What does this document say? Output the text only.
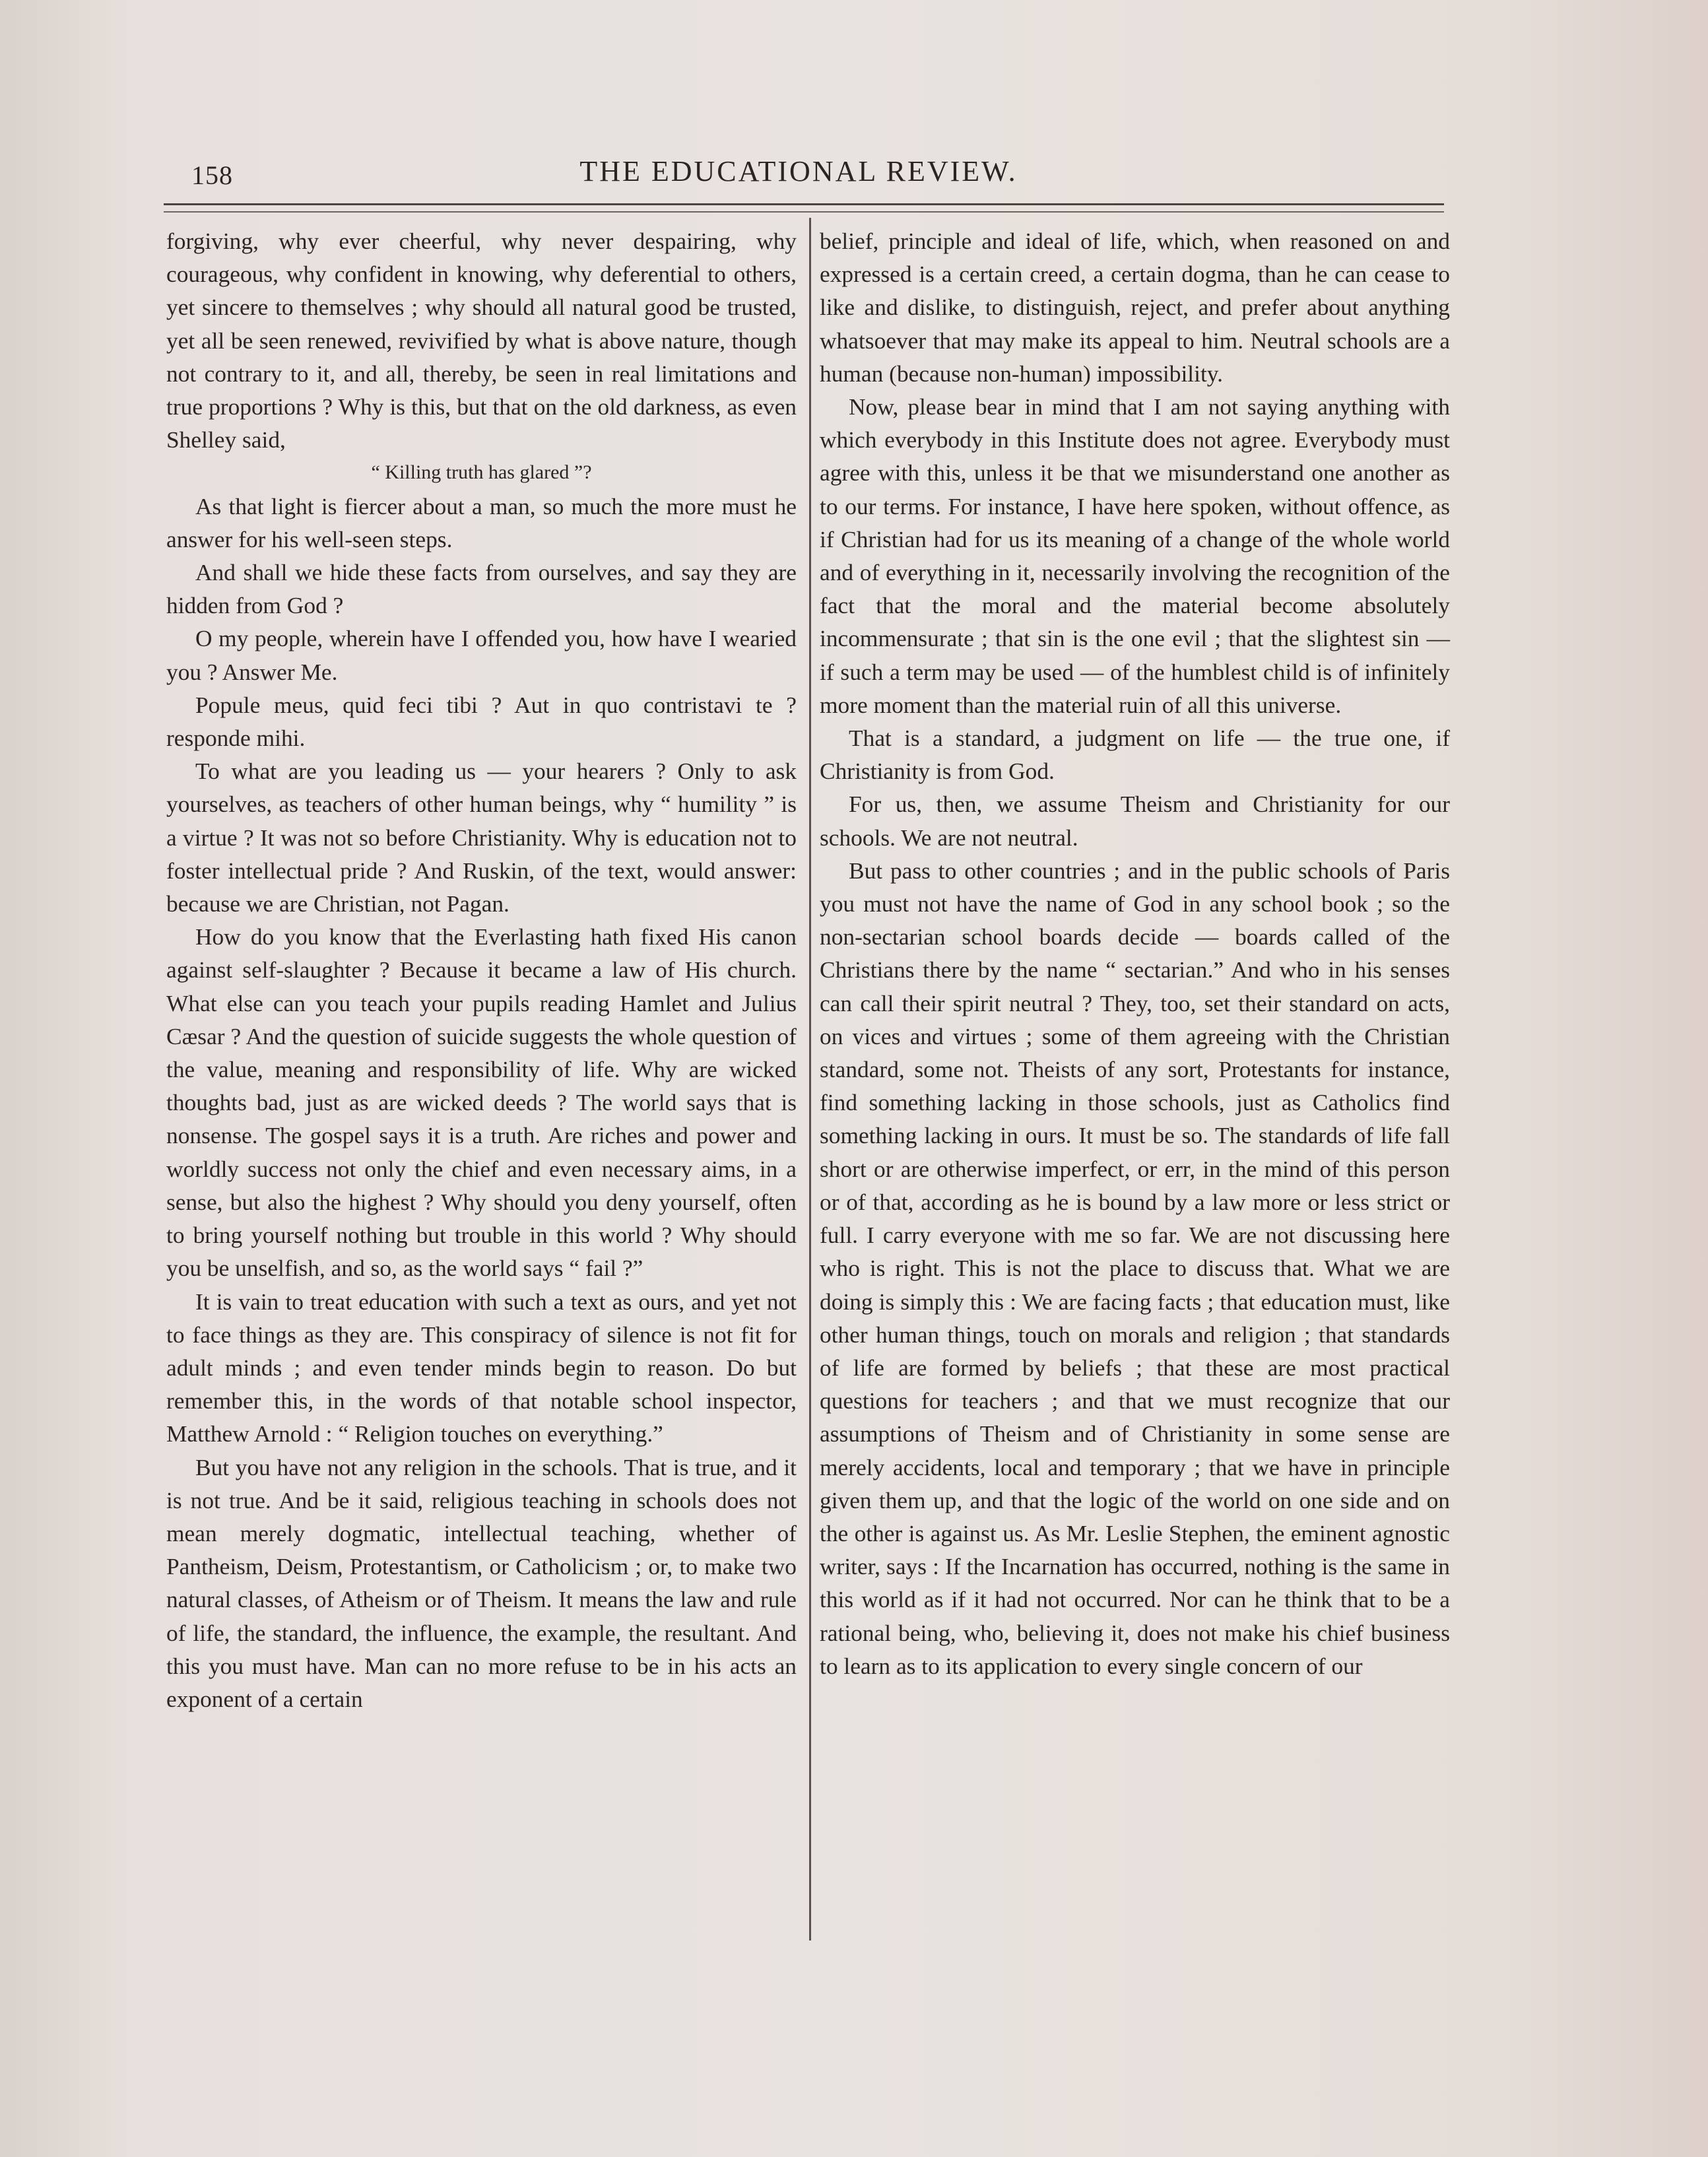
158	THE EDUCATIONAL REVIEW.

forgiving, why ever cheerful, why never despairing, why courageous, why confident in knowing, why deferential to others, yet sincere to themselves ; why should all natural good be trusted, yet all be seen renewed, revivified by what is above nature, though not contrary to it, and all, thereby, be seen in real limitations and true proportions ? Why is this, but that on the old darkness, as even Shelley said,

“ Killing truth has glared ”?

As that light is fiercer about a man, so much the more must he answer for his well-seen steps.

And shall we hide these facts from ourselves, and say they are hidden from God ?

O my people, wherein have I offended you, how have I wearied you ? Answer Me.

Popule meus, quid feci tibi ? Aut in quo contristavi te ? responde mihi.

To what are you leading us — your hearers ? Only to ask yourselves, as teachers of other human beings, why “ humility ” is a virtue ? It was not so before Christianity. Why is education not to foster intellectual pride ? And Ruskin, of the text, would answer: because we are Christian, not Pagan.

How do you know that the Everlasting hath fixed His canon against self-slaughter ? Because it became a law of His church. What else can you teach your pupils reading Hamlet and Julius Cæsar ? And the question of suicide suggests the whole question of the value, meaning and responsibility of life. Why are wicked thoughts bad, just as are wicked deeds ? The world says that is nonsense. The gospel says it is a truth. Are riches and power and worldly success not only the chief and even necessary aims, in a sense, but also the highest ? Why should you deny yourself, often to bring yourself nothing but trouble in this world ? Why should you be unselfish, and so, as the world says “ fail ?”

It is vain to treat education with such a text as ours, and yet not to face things as they are. This conspiracy of silence is not fit for adult minds ; and even tender minds begin to reason. Do but remember this, in the words of that notable school inspector, Matthew Arnold : “ Religion touches on everything.”

But you have not any religion in the schools. That is true, and it is not true. And be it said, religious teaching in schools does not mean merely dogmatic, intellectual teaching, whether of Pantheism, Deism, Protestantism, or Catholicism ; or, to make two natural classes, of Atheism or of Theism. It means the law and rule of life, the standard, the influence, the example, the resultant. And this you must have. Man can no more refuse to be in his acts an exponent of a certain

belief, principle and ideal of life, which, when reasoned on and expressed is a certain creed, a certain dogma, than he can cease to like and dislike, to distinguish, reject, and prefer about anything whatsoever that may make its appeal to him. Neutral schools are a human (because non-human) impossibility.

Now, please bear in mind that I am not saying anything with which everybody in this Institute does not agree. Everybody must agree with this, unless it be that we misunderstand one another as to our terms. For instance, I have here spoken, without offence, as if Christian had for us its meaning of a change of the whole world and of everything in it, necessarily involving the recognition of the fact that the moral and the material become absolutely incommensurate ; that sin is the one evil ; that the slightest sin — if such a term may be used — of the humblest child is of infinitely more moment than the material ruin of all this universe.

That is a standard, a judgment on life — the true one, if Christianity is from God.

For us, then, we assume Theism and Christianity for our schools. We are not neutral.

But pass to other countries ; and in the public schools of Paris you must not have the name of God in any school book ; so the non-sectarian school boards decide — boards called of the Christians there by the name “ sectarian.” And who in his senses can call their spirit neutral ? They, too, set their standard on acts, on vices and virtues ; some of them agreeing with the Christian standard, some not. Theists of any sort, Protestants for instance, find something lacking in those schools, just as Catholics find something lacking in ours. It must be so. The standards of life fall short or are otherwise imperfect, or err, in the mind of this person or of that, according as he is bound by a law more or less strict or full. I carry everyone with me so far. We are not discussing here who is right. This is not the place to discuss that. What we are doing is simply this : We are facing facts ; that education must, like other human things, touch on morals and religion ; that standards of life are formed by beliefs ; that these are most practical questions for teachers ; and that we must recognize that our assumptions of Theism and of Christianity in some sense are merely accidents, local and temporary ; that we have in principle given them up, and that the logic of the world on one side and on the other is against us. As Mr. Leslie Stephen, the eminent agnostic writer, says : If the Incarnation has occurred, nothing is the same in this world as if it had not occurred. Nor can he think that to be a rational being, who, believing it, does not make his chief business to learn as to its application to every single concern of our
